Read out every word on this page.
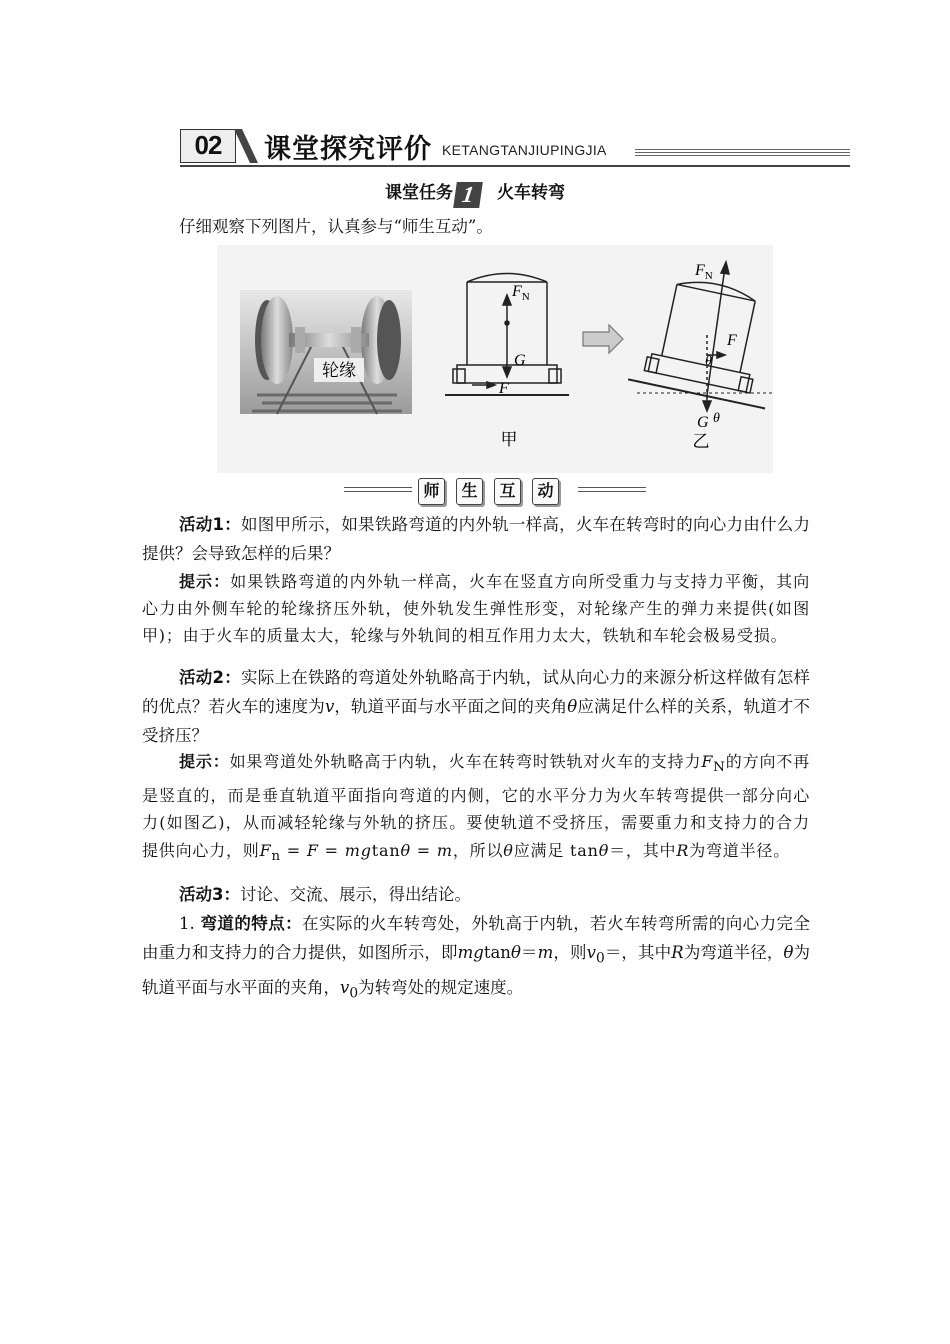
02	课堂探究评价 KETANGTANJIUPINGJIA
课堂任务 1 火车转弯
仔细观察下列图片，认真参与“师生互动”。
轮缘
$F_N$
G
F
甲
$F_N$
F
θ
G θ
乙
师 生 互 动
活动1：如图甲所示，如果铁路弯道的内外轨一样高，火车在转弯时的向心力由什么力提供？会导致怎样的后果？
提示：如果铁路弯道的内外轨一样高，火车在竖直方向所受重力与支持力平衡，其向心力由外侧车轮的轮缘挤压外轨，使外轨发生弹性形变，对轮缘产生的弹力来提供(如图甲)；由于火车的质量太大，轮缘与外轨间的相互作用力太大，铁轨和车轮会极易受损。
活动2：实际上在铁路的弯道处外轨略高于内轨，试从向心力的来源分析这样做有怎样的优点？若火车的速度为v，轨道平面与水平面之间的夹角θ应满足什么样的关系，轨道才不受挤压？
提示：如果弯道处外轨略高于内轨，火车在转弯时铁轨对火车的支持力$F_N$的方向不再是竖直的，而是垂直轨道平面指向弯道的内侧，它的水平分力为火车转弯提供一部分向心力(如图乙)，从而减轻轮缘与外轨的挤压。要使轨道不受挤压，需要重力和支持力的合力提供向心力，则$F_n = F = mgtan\theta = m$，所以θ应满足 tanθ＝，其中R为弯道半径。
活动3：讨论、交流、展示，得出结论。
1. 弯道的特点：在实际的火车转弯处，外轨高于内轨，若火车转弯所需的向心力完全由重力和支持力的合力提供，如图所示，即mgtanθ＝m，则$v_0=$，其中R为弯道半径，θ为轨道平面与水平面的夹角，$v_0$为转弯处的规定速度。
